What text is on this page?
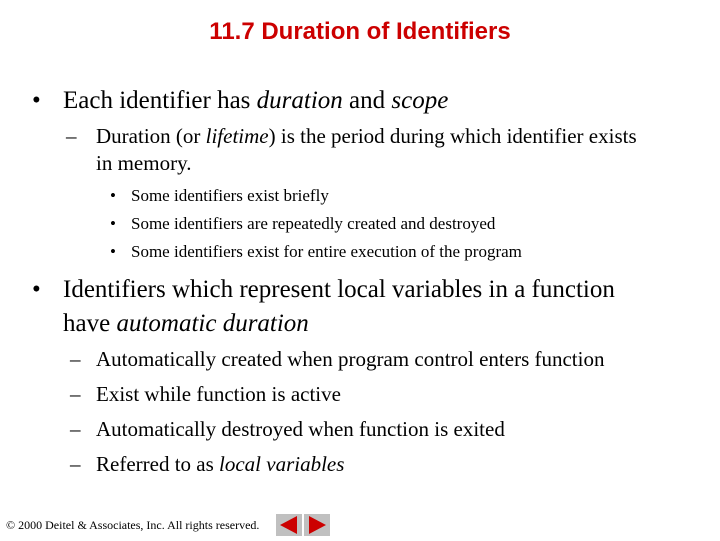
11.7 Duration of Identifiers
• Each identifier has duration and scope
– Duration (or lifetime) is the period during which identifier exists
in memory.
• Some identifiers exist briefly
• Some identifiers are repeatedly created and destroyed
• Some identifiers exist for entire execution of the program
• Identifiers which represent local variables in a function
have automatic duration
– Automatically created when program control enters function
– Exist while function is active
– Automatically destroyed when function is exited
– Referred to as local variables
© 2000 Deitel & Associates, Inc. All rights reserved.
